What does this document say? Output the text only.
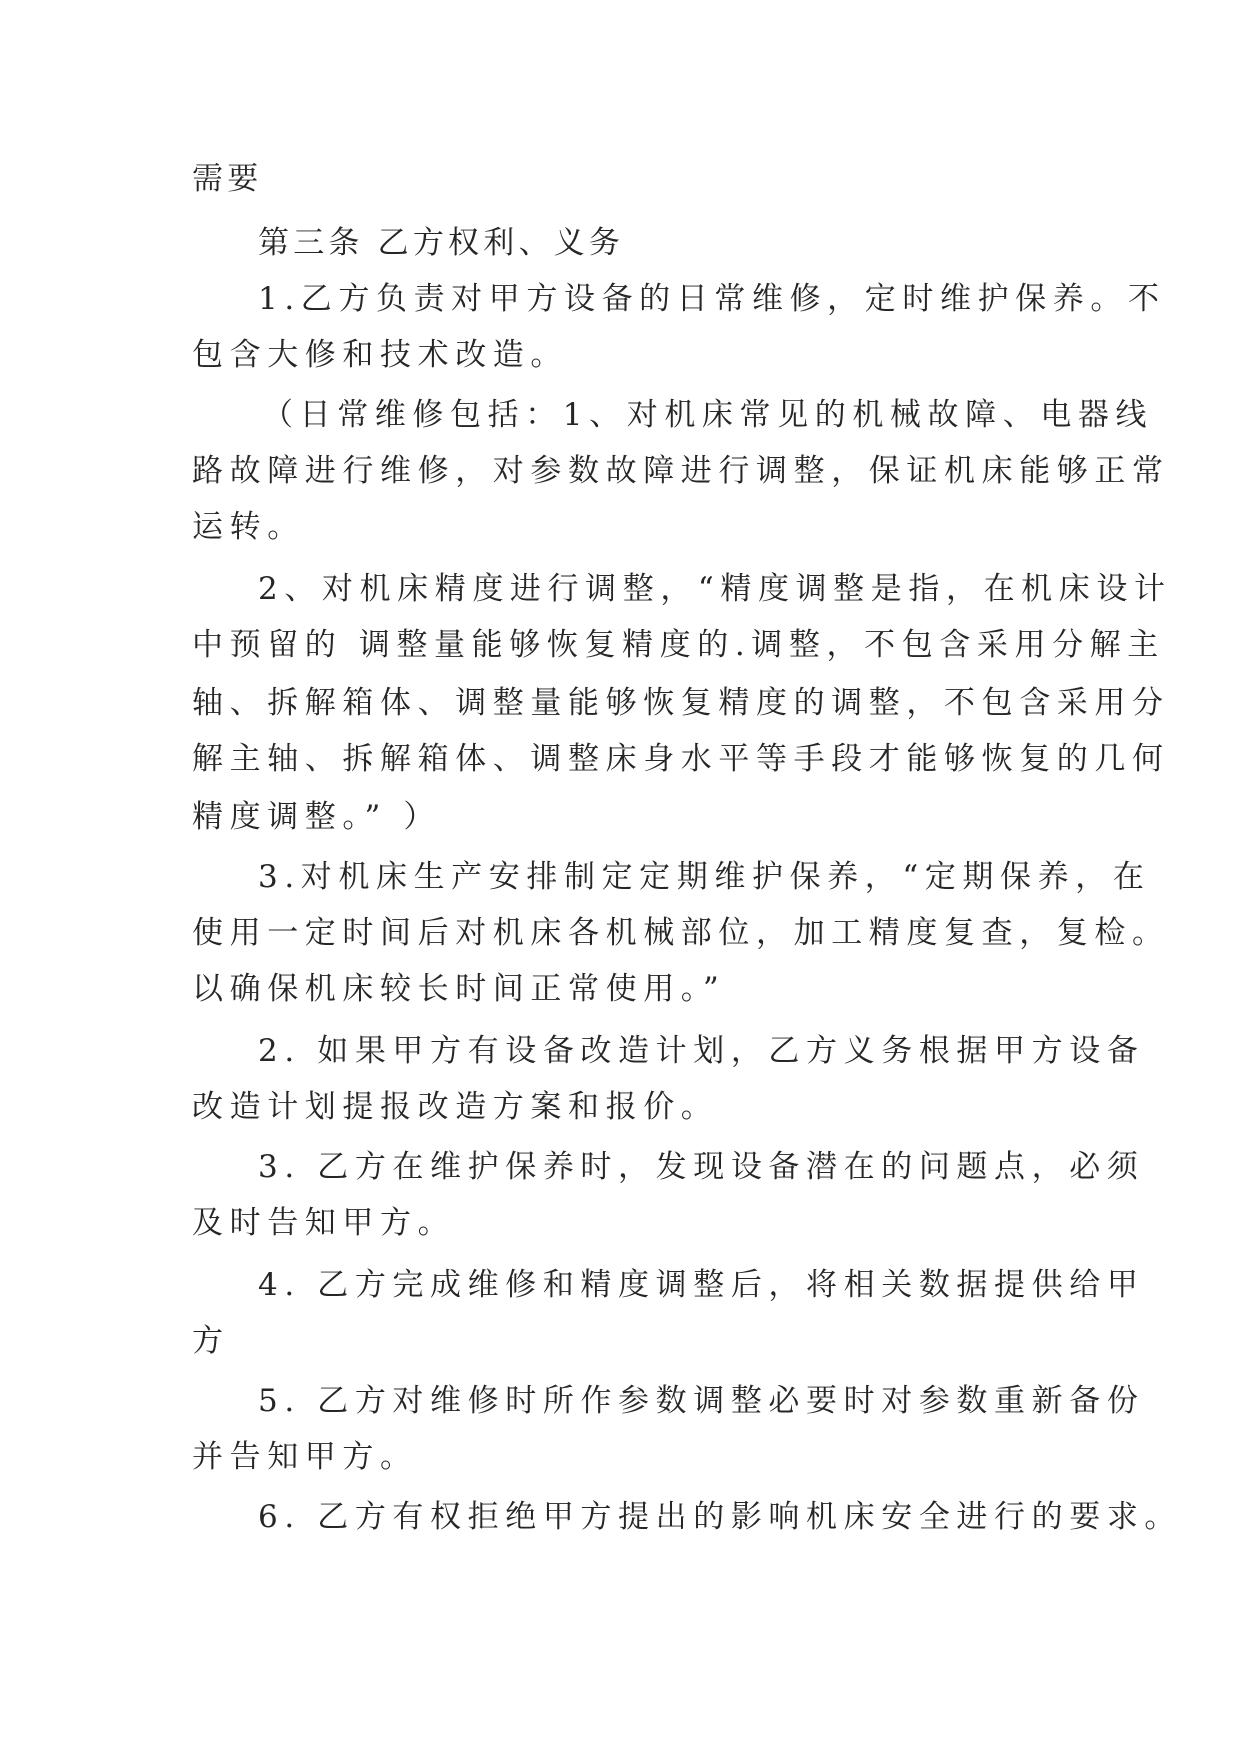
需要
第三条 乙方权利、义务
1.乙方负责对甲方设备的日常维修，定时维护保养。不
包含大修和技术改造。
（日常维修包括：1、对机床常见的机械故障、电器线
路故障进行维修，对参数故障进行调整，保证机床能够正常
运转。
2、对机床精度进行调整，“精度调整是指，在机床设计
中预留的 调整量能够恢复精度的.调整，不包含采用分解主
轴、拆解箱体、调整量能够恢复精度的调整，不包含采用分
解主轴、拆解箱体、调整床身水平等手段才能够恢复的几何
精度调整。” ）
3.对机床生产安排制定定期维护保养，“定期保养，在
使用一定时间后对机床各机械部位，加工精度复查，复检。
以确保机床较长时间正常使用。”
2. 如果甲方有设备改造计划，乙方义务根据甲方设备
改造计划提报改造方案和报价。
3. 乙方在维护保养时，发现设备潜在的问题点，必须
及时告知甲方。
4. 乙方完成维修和精度调整后，将相关数据提供给甲
方
5. 乙方对维修时所作参数调整必要时对参数重新备份
并告知甲方。
6. 乙方有权拒绝甲方提出的影响机床安全进行的要求。
